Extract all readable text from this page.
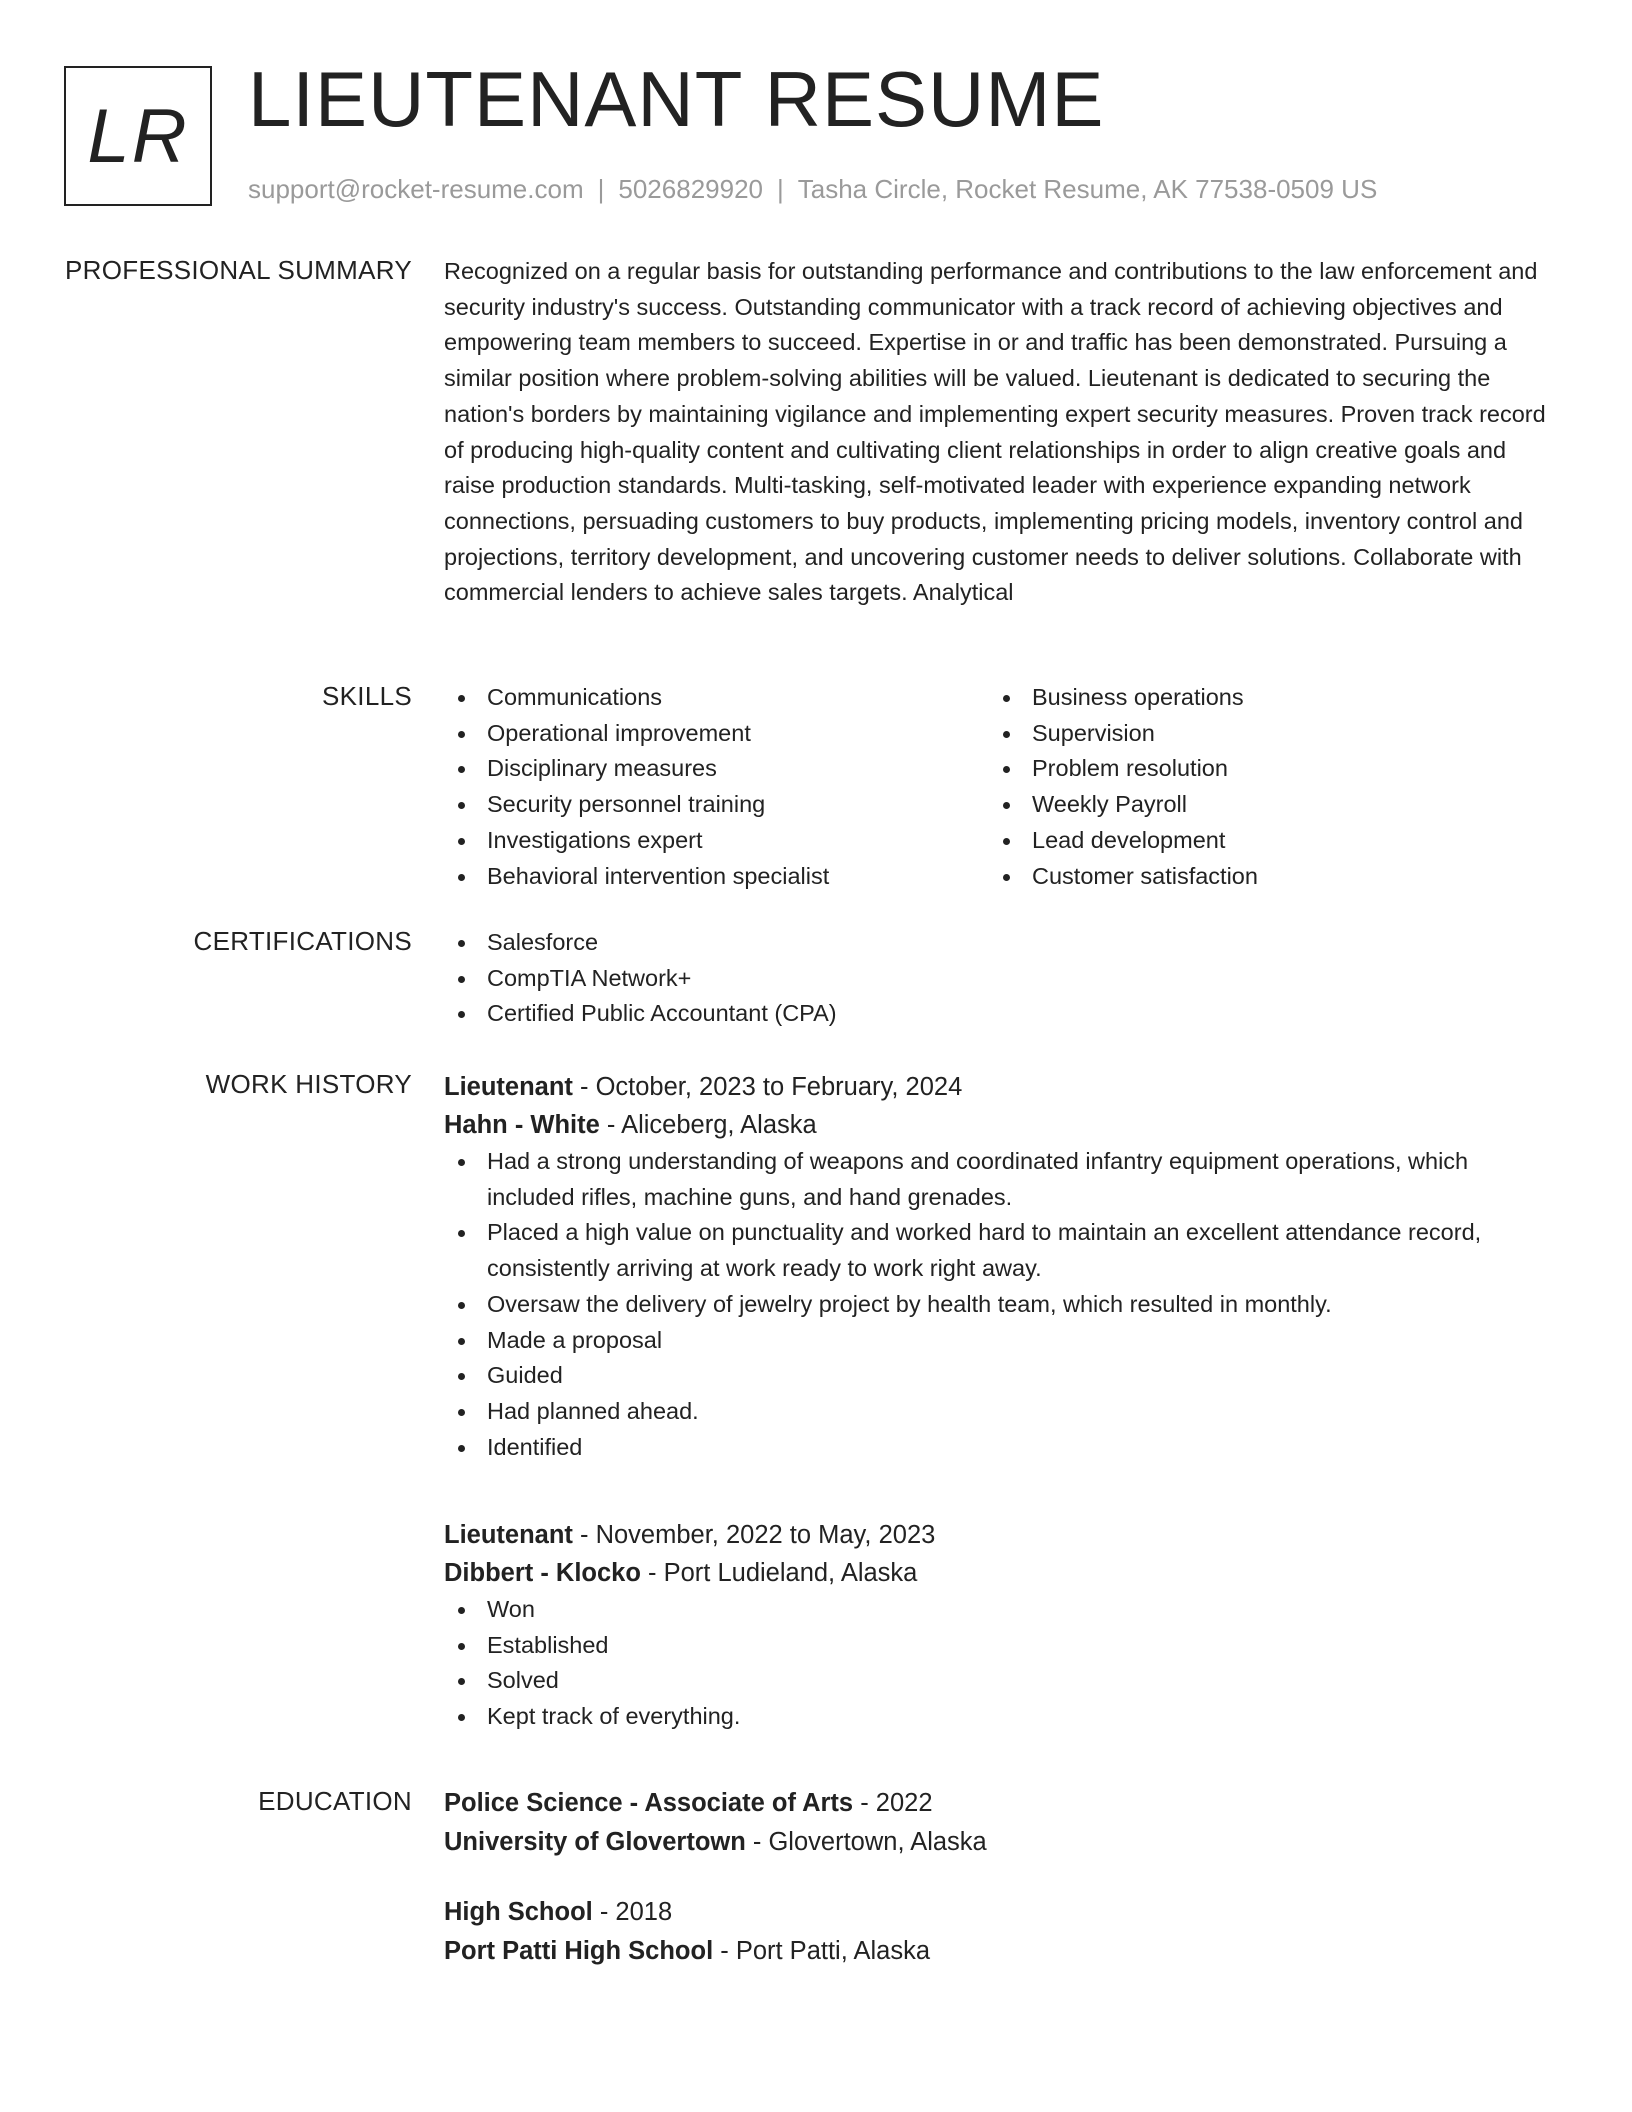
LR LIEUTENANT RESUME
support@rocket-resume.com | 5026829920 | Tasha Circle, Rocket Resume, AK 77538-0509 US
PROFESSIONAL SUMMARY Recognized on a regular basis for outstanding performance and contributions to the law enforcement and security industry's success. Outstanding communicator with a track record of achieving objectives and empowering team members to succeed. Expertise in or and traffic has been demonstrated. Pursuing a similar position where problem-solving abilities will be valued. Lieutenant is dedicated to securing the nation's borders by maintaining vigilance and implementing expert security measures. Proven track record of producing high-quality content and cultivating client relationships in order to align creative goals and raise production standards. Multi-tasking, self-motivated leader with experience expanding network connections, persuading customers to buy products, implementing pricing models, inventory control and projections, territory development, and uncovering customer needs to deliver solutions. Collaborate with commercial lenders to achieve sales targets. Analytical

SKILLS	Communications
Operational improvement
Disciplinary measures
Security personnel training
Investigations expert
Behavioral intervention specialist
Business operations
Supervision
Problem resolution
Weekly Payroll
Lead development
Customer satisfaction
CERTIFICATIONS	Salesforce
CompTIA Network+
Certified Public Accountant (CPA)
WORK HISTORY Lieutenant - October, 2023 to February, 2024
Hahn - White - Aliceberg, Alaska
Had a strong understanding of weapons and coordinated infantry equipment operations, which included rifles, machine guns, and hand grenades.
Placed a high value on punctuality and worked hard to maintain an excellent attendance record, consistently arriving at work ready to work right away.
Oversaw the delivery of jewelry project by health team, which resulted in monthly.
Made a proposal
Guided
Had planned ahead.
Identified
Lieutenant - November, 2022 to May, 2023
Dibbert - Klocko - Port Ludieland, Alaska
Won
Established
Solved
Kept track of everything.
EDUCATION Police Science - Associate of Arts - 2022
University of Glovertown - Glovertown, Alaska
High School - 2018
Port Patti High School - Port Patti, Alaska
